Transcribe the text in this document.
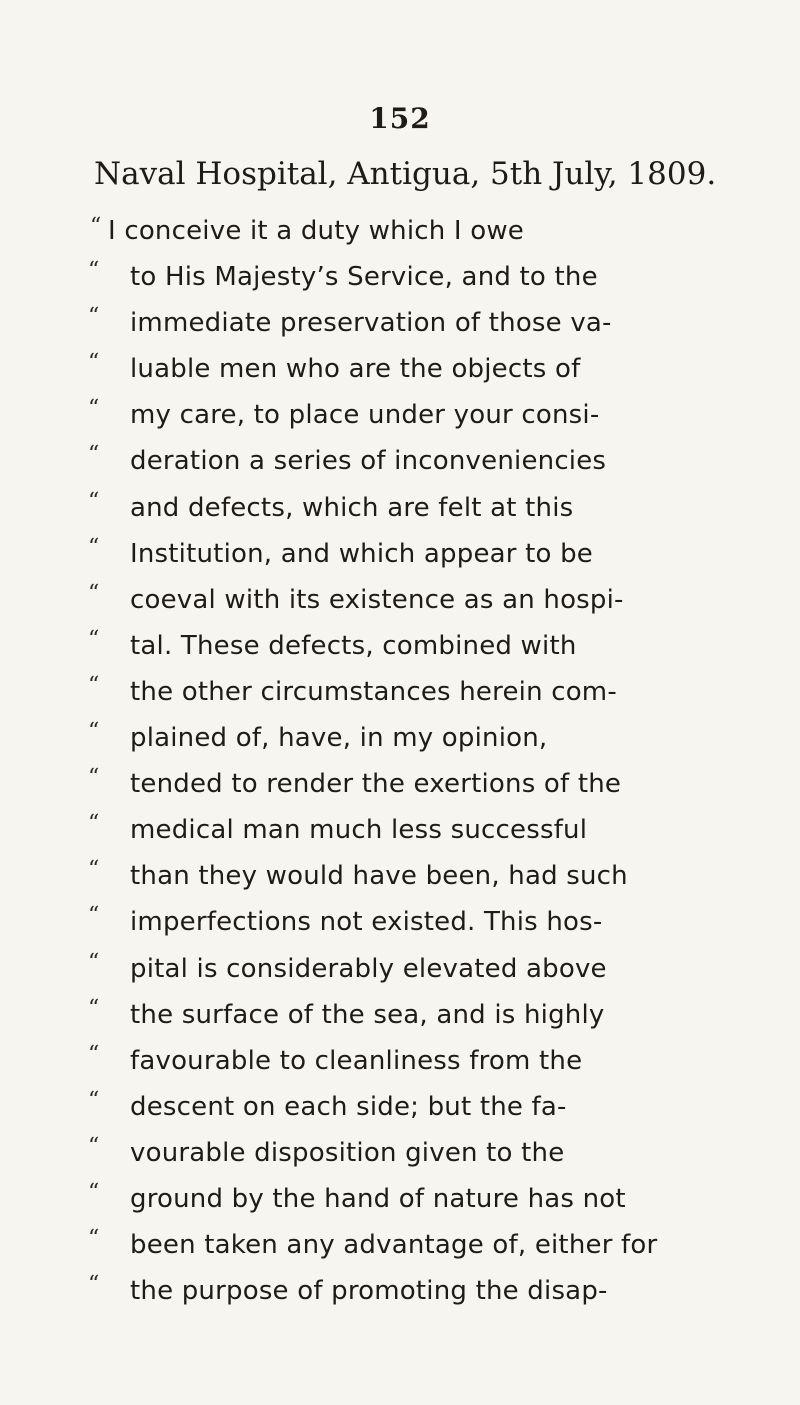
152
Naval Hospital, Antigua, 5th July, 1809.
“ I conceive it a duty which I owe
“ to His Majesty’s Service, and to the
“ immediate preservation of those va-
“ luable men who are the objects of
“ my care, to place under your consi-
“ deration a series of inconveniencies
“ and defects, which are felt at this
“ Institution, and which appear to be
“ coeval with its existence as an hospi-
“ tal. These defects, combined with
“ the other circumstances herein com-
“ plained of, have, in my opinion,
“ tended to render the exertions of the
“ medical man much less successful
“ than they would have been, had such
“ imperfections not existed. This hos-
“ pital is considerably elevated above
“ the surface of the sea, and is highly
“ favourable to cleanliness from the
“ descent on each side; but the fa-
“ vourable disposition given to the
“ ground by the hand of nature has not
“ been taken any advantage of, either for
“ the purpose of promoting the disap-
